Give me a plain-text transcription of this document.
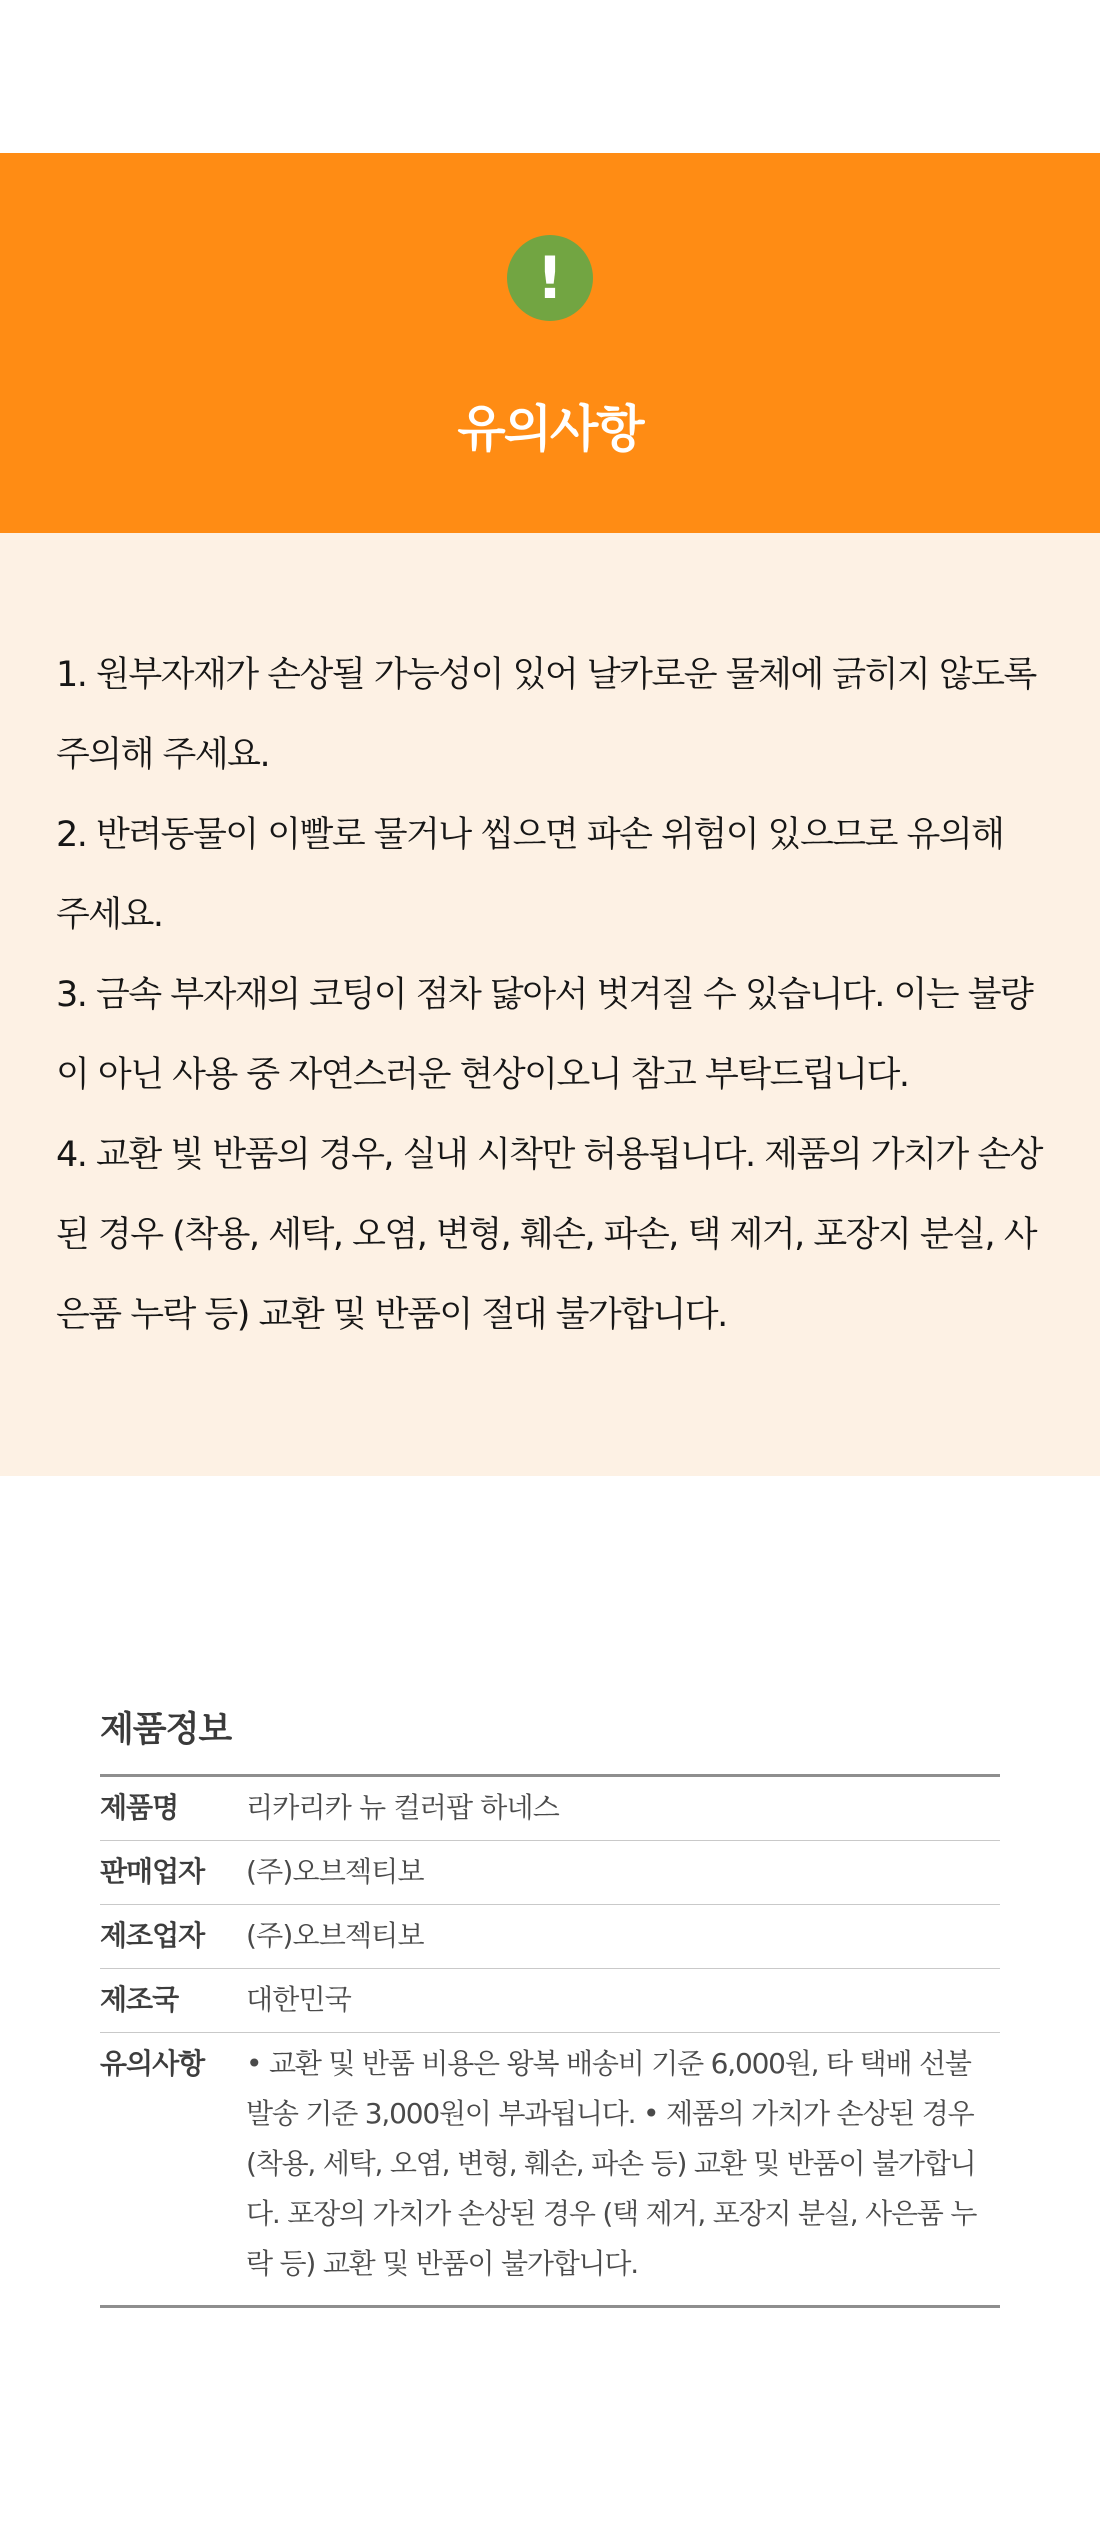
!
유의사항

1. 원부자재가 손상될 가능성이 있어 날카로운 물체에 긁히지 않도록 주의해 주세요.

2. 반려동물이 이빨로 물거나 씹으면 파손 위험이 있으므로 유의해 주세요.

3. 금속 부자재의 코팅이 점차 닳아서 벗겨질 수 있습니다. 이는 불량이 아닌 사용 중 자연스러운 현상이오니 참고 부탁드립니다.

4. 교환 빛 반품의 경우, 실내 시착만 허용됩니다. 제품의 가치가 손상된 경우 (착용, 세탁, 오염, 변형, 훼손, 파손, 택 제거, 포장지 분실, 사은품 누락 등) 교환 및 반품이 절대 불가합니다.

제품정보
제품명	리카리카 뉴 컬러팝 하네스
판매업자	(주)오브젝티보
제조업자	(주)오브젝티보
제조국	대한민국
유의사항	• 교환 및 반품 비용은 왕복 배송비 기준 6,000원, 타 택배 선불 발송 기준 3,000원이 부과됩니다. • 제품의 가치가 손상된 경우 (착용, 세탁, 오염, 변형, 훼손, 파손 등) 교환 및 반품이 불가합니다. 포장의 가치가 손상된 경우 (택 제거, 포장지 분실, 사은품 누락 등) 교환 및 반품이 불가합니다.
